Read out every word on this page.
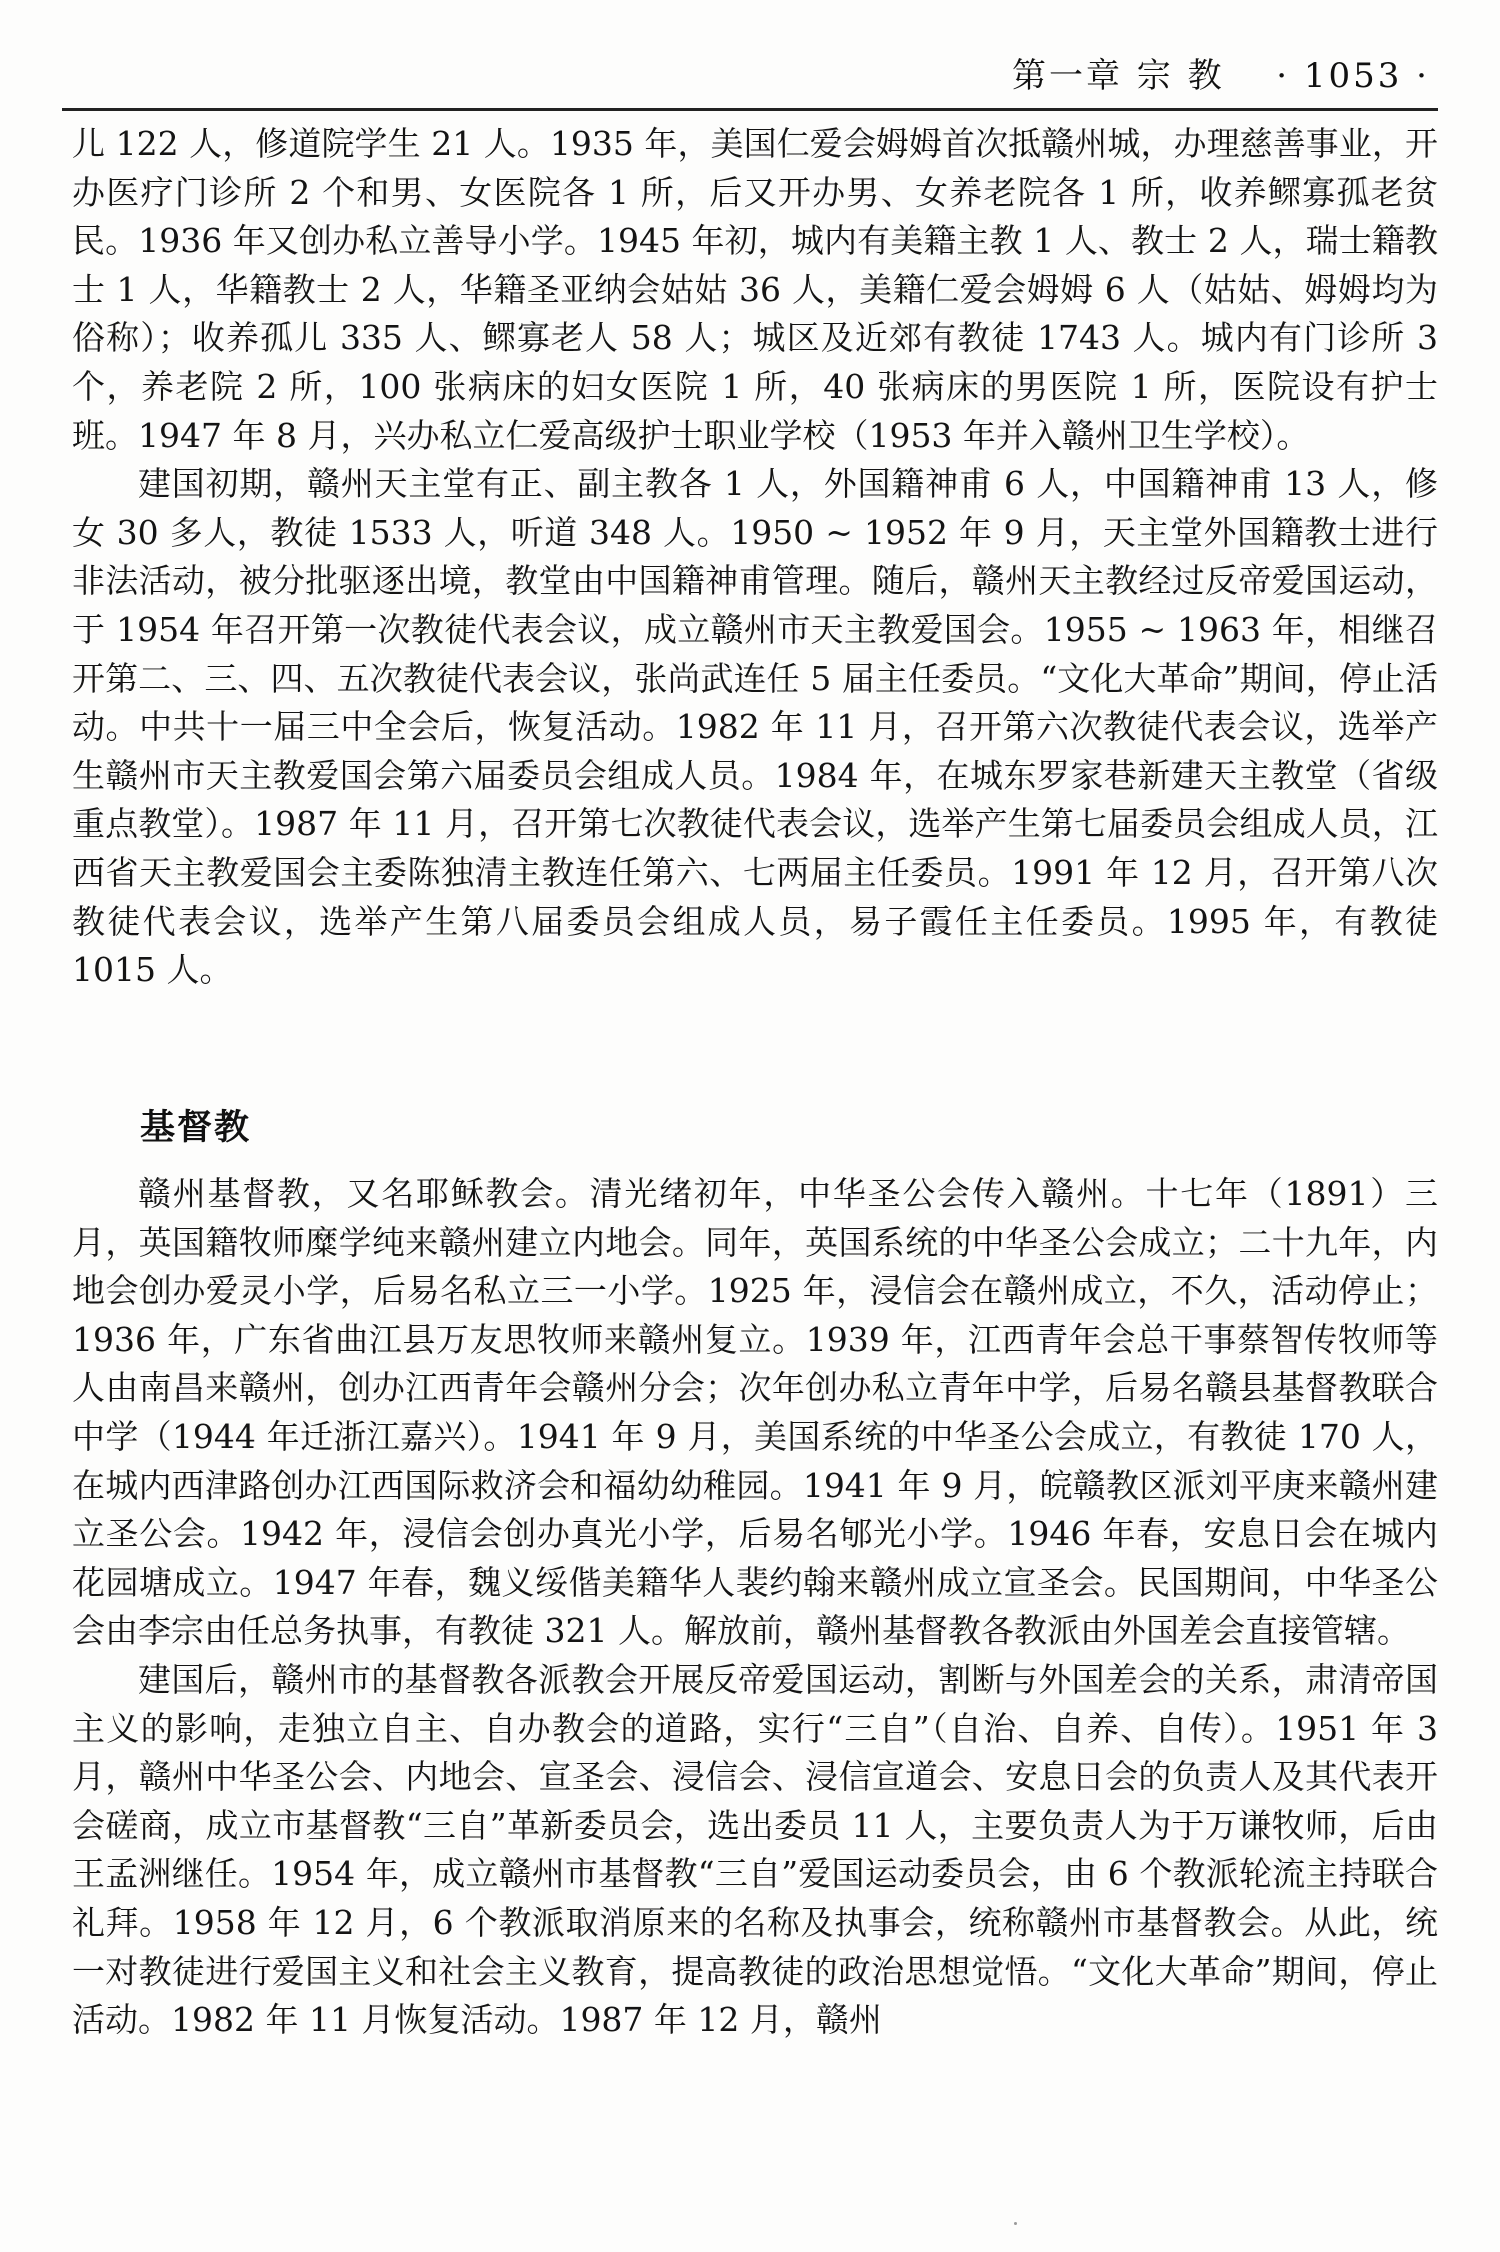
第一章 宗 教 · 1053 ·

儿 122 人，修道院学生 21 人。1935 年，美国仁爱会姆姆首次抵赣州城，办理慈善事业，开办医疗门诊所 2 个和男、女医院各 1 所，后又开办男、女养老院各 1 所，收养鳏寡孤老贫民。1936 年又创办私立善导小学。1945 年初，城内有美籍主教 1 人、教士 2 人，瑞士籍教士 1 人，华籍教士 2 人，华籍圣亚纳会姑姑 36 人，美籍仁爱会姆姆 6 人（姑姑、姆姆均为俗称）；收养孤儿 335 人、鳏寡老人 58 人；城区及近郊有教徒 1743 人。城内有门诊所 3 个，养老院 2 所，100 张病床的妇女医院 1 所，40 张病床的男医院 1 所，医院设有护士班。1947 年 8 月，兴办私立仁爱高级护士职业学校（1953 年并入赣州卫生学校）。

建国初期，赣州天主堂有正、副主教各 1 人，外国籍神甫 6 人，中国籍神甫 13 人，修女 30 多人，教徒 1533 人，听道 348 人。1950 ~ 1952 年 9 月，天主堂外国籍教士进行非法活动，被分批驱逐出境，教堂由中国籍神甫管理。随后，赣州天主教经过反帝爱国运动，于 1954 年召开第一次教徒代表会议，成立赣州市天主教爱国会。1955 ~ 1963 年，相继召开第二、三、四、五次教徒代表会议，张尚武连任 5 届主任委员。“文化大革命”期间，停止活动。中共十一届三中全会后，恢复活动。1982 年 11 月，召开第六次教徒代表会议，选举产生赣州市天主教爱国会第六届委员会组成人员。1984 年，在城东罗家巷新建天主教堂（省级重点教堂）。1987 年 11 月，召开第七次教徒代表会议，选举产生第七届委员会组成人员，江西省天主教爱国会主委陈独清主教连任第六、七两届主任委员。1991 年 12 月，召开第八次教徒代表会议，选举产生第八届委员会组成人员，易子霞任主任委员。1995 年，有教徒 1015 人。

基督教

赣州基督教，又名耶稣教会。清光绪初年，中华圣公会传入赣州。十七年（1891）三月，英国籍牧师糜学纯来赣州建立内地会。同年，英国系统的中华圣公会成立；二十九年，内地会创办爱灵小学，后易名私立三一小学。1925 年，浸信会在赣州成立，不久，活动停止；1936 年，广东省曲江县万友思牧师来赣州复立。1939 年，江西青年会总干事蔡智传牧师等人由南昌来赣州，创办江西青年会赣州分会；次年创办私立青年中学，后易名赣县基督教联合中学（1944 年迁浙江嘉兴）。1941 年 9 月，美国系统的中华圣公会成立，有教徒 170 人，在城内西津路创办江西国际救济会和福幼幼稚园。1941 年 9 月，皖赣教区派刘平庚来赣州建立圣公会。1942 年，浸信会创办真光小学，后易名郇光小学。1946 年春，安息日会在城内花园塘成立。1947 年春，魏义绥偕美籍华人裴约翰来赣州成立宣圣会。民国期间，中华圣公会由李宗由任总务执事，有教徒 321 人。解放前，赣州基督教各教派由外国差会直接管辖。

建国后，赣州市的基督教各派教会开展反帝爱国运动，割断与外国差会的关系，肃清帝国主义的影响，走独立自主、自办教会的道路，实行“三自”（自治、自养、自传）。1951 年 3 月，赣州中华圣公会、内地会、宣圣会、浸信会、浸信宣道会、安息日会的负责人及其代表开会磋商，成立市基督教“三自”革新委员会，选出委员 11 人，主要负责人为于万谦牧师，后由王孟洲继任。1954 年，成立赣州市基督教“三自”爱国运动委员会，由 6 个教派轮流主持联合礼拜。1958 年 12 月，6 个教派取消原来的名称及执事会，统称赣州市基督教会。从此，统一对教徒进行爱国主义和社会主义教育，提高教徒的政治思想觉悟。“文化大革命”期间，停止活动。1982 年 11 月恢复活动。1987 年 12 月，赣州
